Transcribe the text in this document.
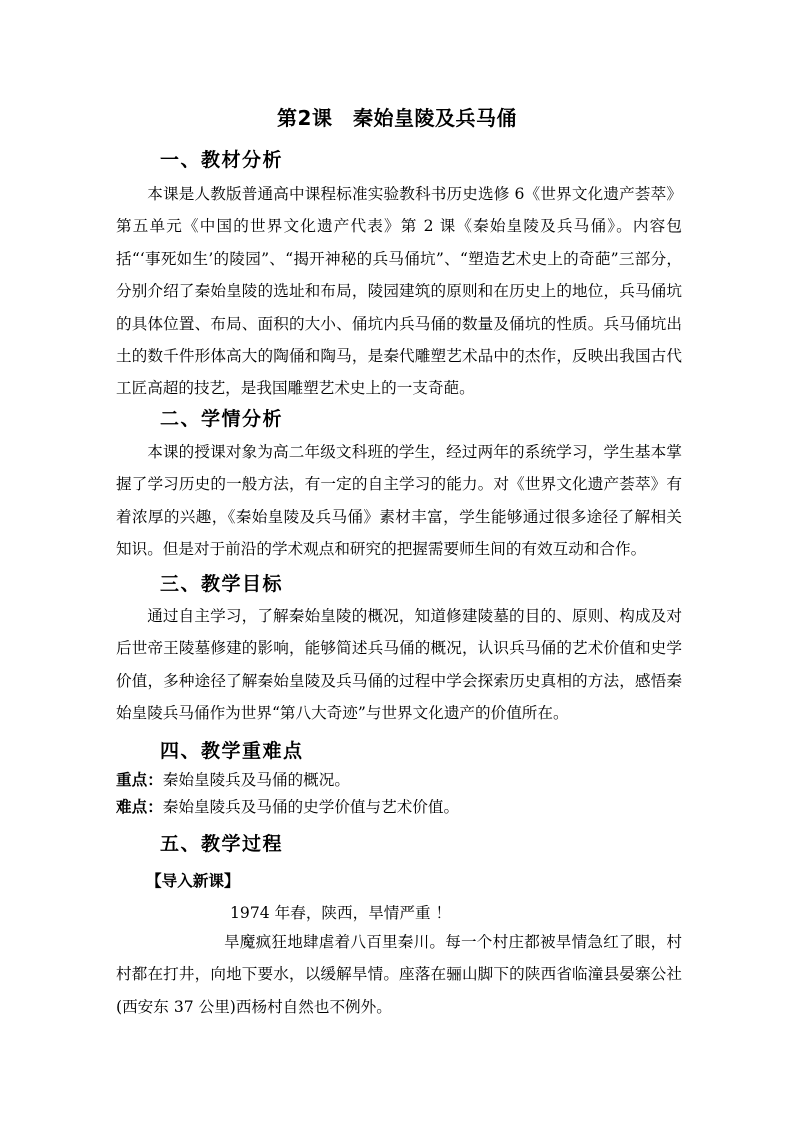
第2课　秦始皇陵及兵马俑
一、教材分析
本课是人教版普通高中课程标准实验教科书历史选修 6《世界文化遗产荟萃》第五单元《中国的世界文化遗产代表》第 2 课《秦始皇陵及兵马俑》。内容包括“‘事死如生’的陵园”、“揭开神秘的兵马俑坑”、“塑造艺术史上的奇葩”三部分，分别介绍了秦始皇陵的选址和布局，陵园建筑的原则和在历史上的地位，兵马俑坑的具体位置、布局、面积的大小、俑坑内兵马俑的数量及俑坑的性质。兵马俑坑出土的数千件形体高大的陶俑和陶马，是秦代雕塑艺术品中的杰作，反映出我国古代工匠高超的技艺，是我国雕塑艺术史上的一支奇葩。
二、学情分析
本课的授课对象为高二年级文科班的学生，经过两年的系统学习，学生基本掌握了学习历史的一般方法，有一定的自主学习的能力。对《世界文化遗产荟萃》有着浓厚的兴趣，《秦始皇陵及兵马俑》素材丰富，学生能够通过很多途径了解相关知识。但是对于前沿的学术观点和研究的把握需要师生间的有效互动和合作。
三、教学目标
通过自主学习，了解秦始皇陵的概况，知道修建陵墓的目的、原则、构成及对后世帝王陵墓修建的影响，能够简述兵马俑的概况，认识兵马俑的艺术价值和史学价值，多种途径了解秦始皇陵及兵马俑的过程中学会探索历史真相的方法，感悟秦始皇陵兵马俑作为世界“第八大奇迹”与世界文化遗产的价值所在。
四、教学重难点
重点：秦始皇陵兵及马俑的概况。
难点：秦始皇陵兵及马俑的史学价值与艺术价值。
五、教学过程
【导入新课】
1974 年春，陕西，旱情严重 ！
旱魔疯狂地肆虐着八百里秦川。每一个村庄都被旱情急红了眼，村村都在打井，向地下要水，以缓解旱情。座落在骊山脚下的陕西省临潼县晏寨公社(西安东 37 公里)西杨村自然也不例外。
